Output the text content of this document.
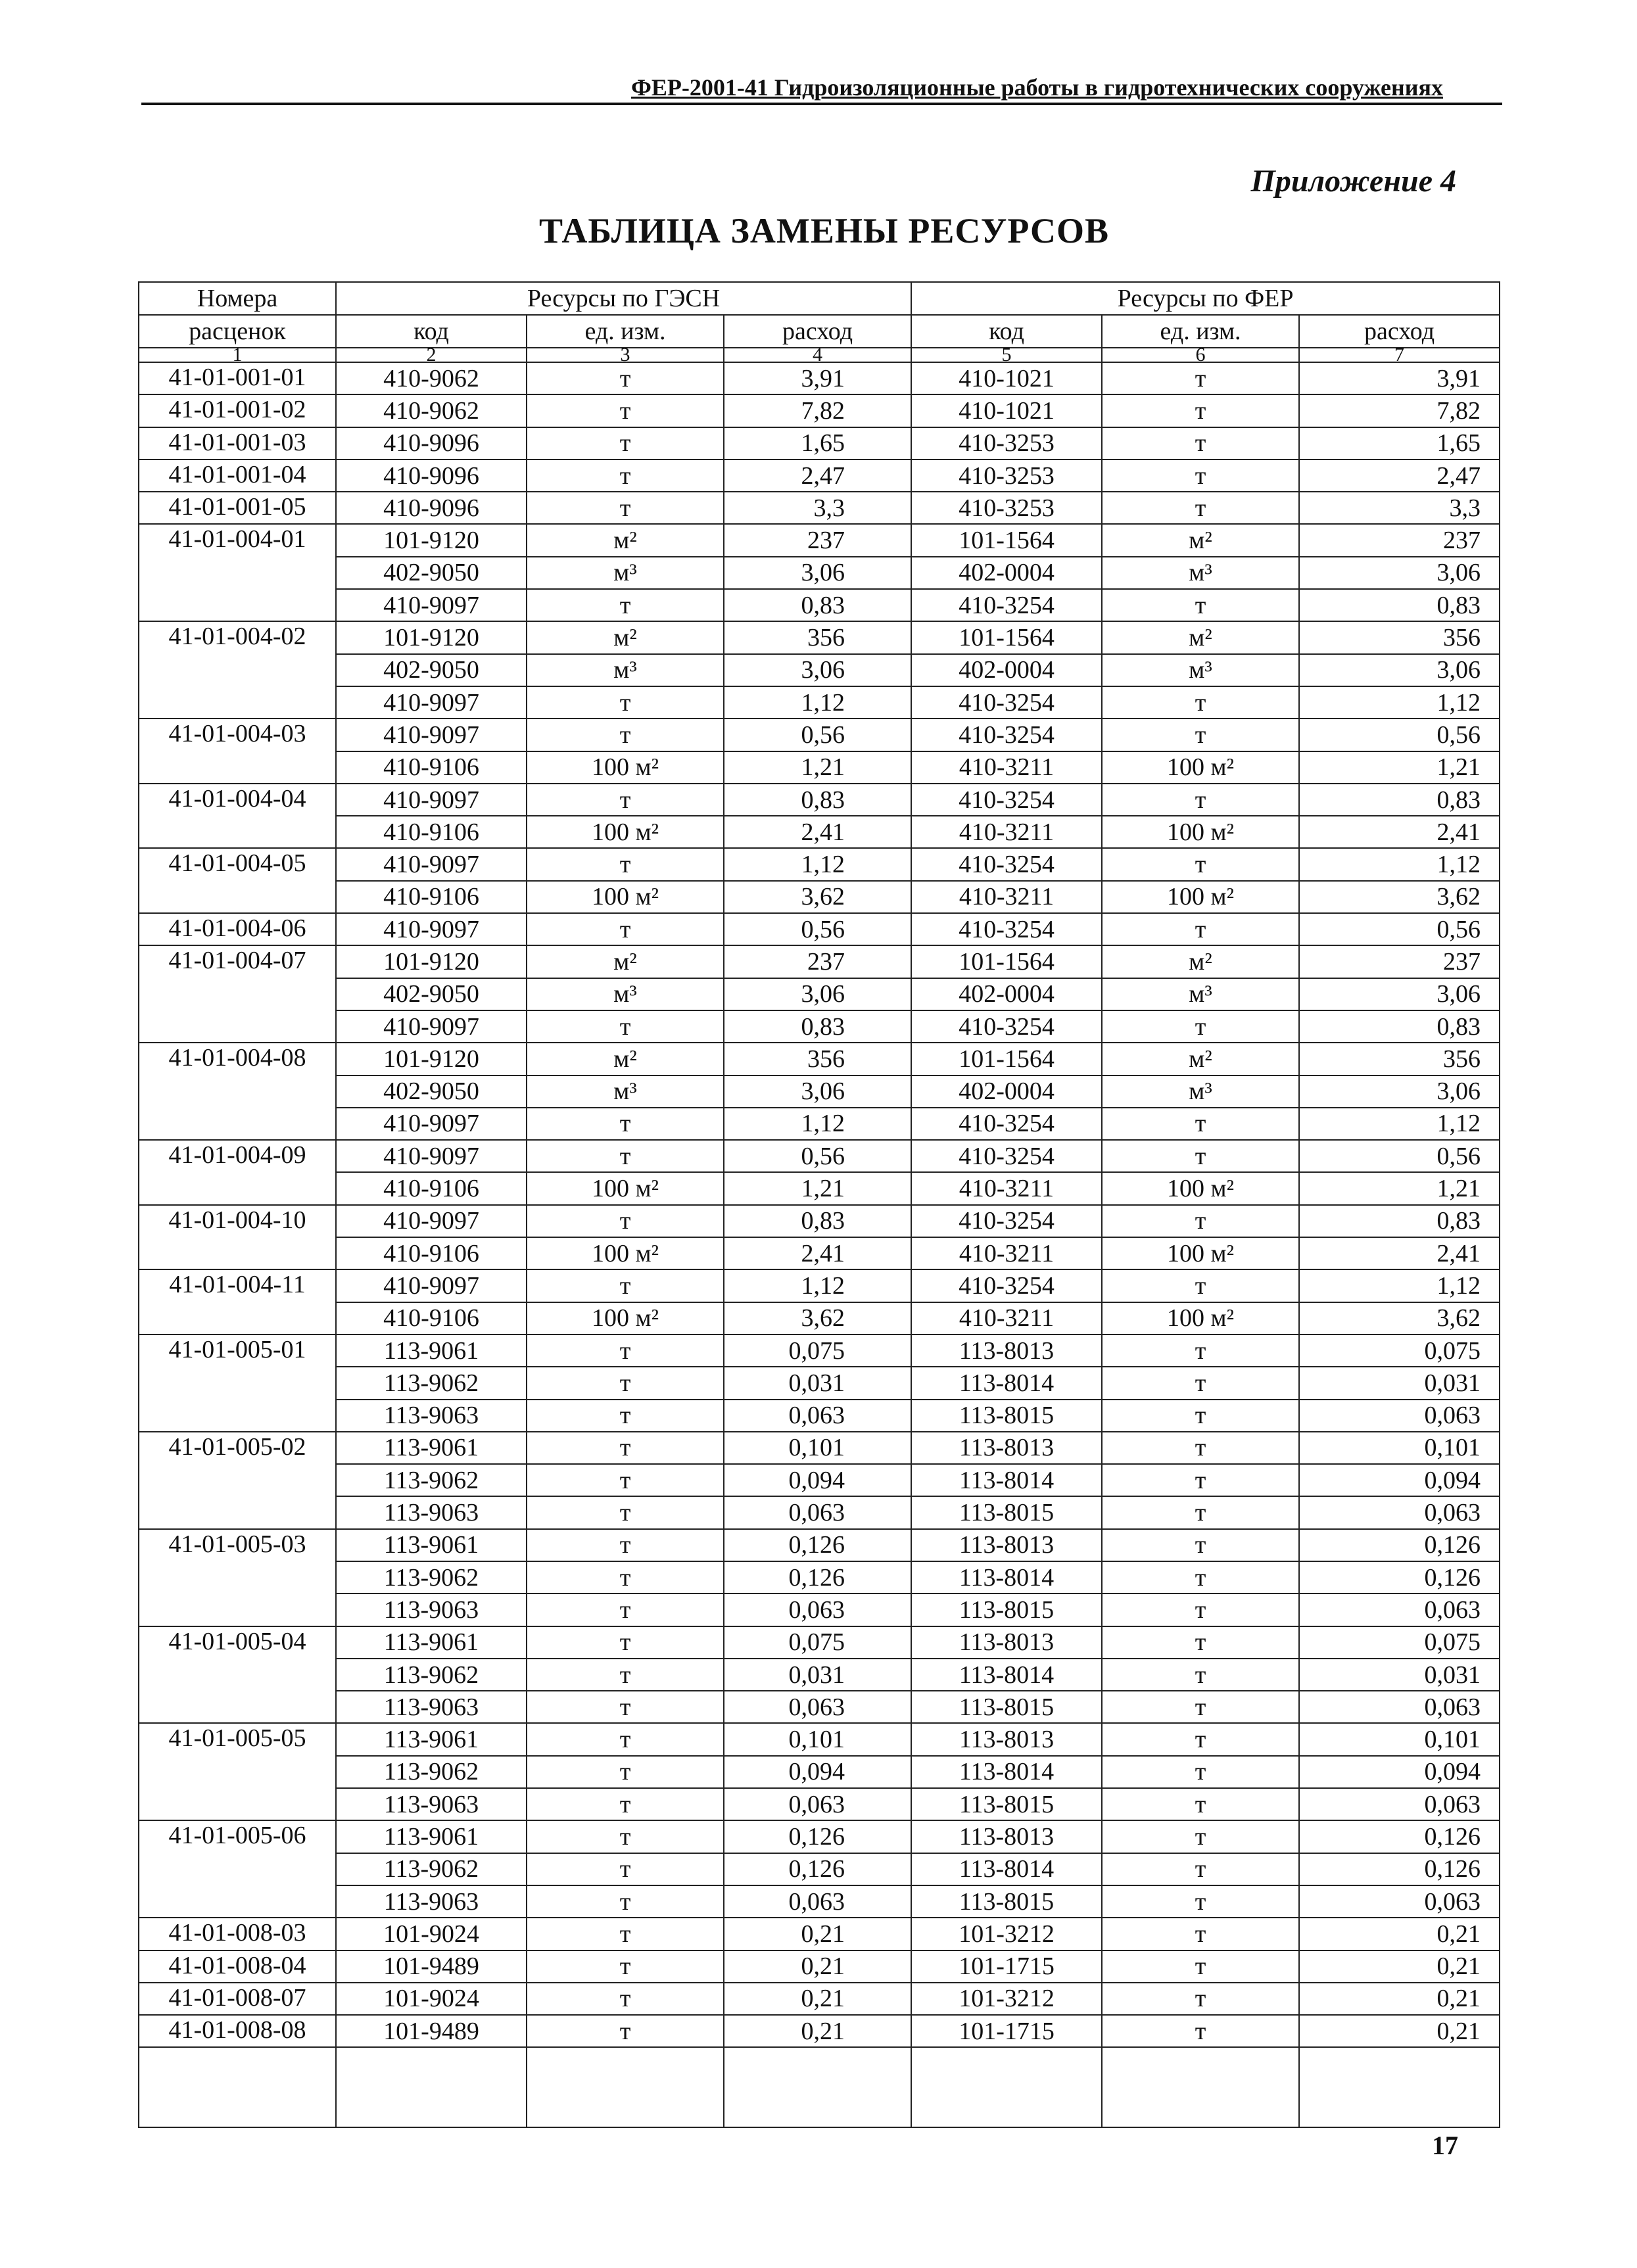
ФЕР-2001-41 Гидроизоляционные работы в гидротехнических сооружениях
Приложение 4
ТАБЛИЦА ЗАМЕНЫ РЕСУРСОВ
Номера	Ресурсы по ГЭСН			Ресурсы по ФЕР		
расценок	код	ед. изм.	расход	код	ед. изм.	расход
1	2	3	4	5	6	7
41-01-001-01	410-9062	т	3,91	410-1021	т	3,91
41-01-001-02	410-9062	т	7,82	410-1021	т	7,82
41-01-001-03	410-9096	т	1,65	410-3253	т	1,65
41-01-001-04	410-9096	т	2,47	410-3253	т	2,47
41-01-001-05	410-9096	т	3,3	410-3253	т	3,3
41-01-004-01	101-9120	м²	237	101-1564	м²	237
	402-9050	м³	3,06	402-0004	м³	3,06
	410-9097	т	0,83	410-3254	т	0,83
41-01-004-02	101-9120	м²	356	101-1564	м²	356
	402-9050	м³	3,06	402-0004	м³	3,06
	410-9097	т	1,12	410-3254	т	1,12
41-01-004-03	410-9097	т	0,56	410-3254	т	0,56
	410-9106	100 м²	1,21	410-3211	100 м²	1,21
41-01-004-04	410-9097	т	0,83	410-3254	т	0,83
	410-9106	100 м²	2,41	410-3211	100 м²	2,41
41-01-004-05	410-9097	т	1,12	410-3254	т	1,12
	410-9106	100 м²	3,62	410-3211	100 м²	3,62
41-01-004-06	410-9097	т	0,56	410-3254	т	0,56
41-01-004-07	101-9120	м²	237	101-1564	м²	237
	402-9050	м³	3,06	402-0004	м³	3,06
	410-9097	т	0,83	410-3254	т	0,83
41-01-004-08	101-9120	м²	356	101-1564	м²	356
	402-9050	м³	3,06	402-0004	м³	3,06
	410-9097	т	1,12	410-3254	т	1,12
41-01-004-09	410-9097	т	0,56	410-3254	т	0,56
	410-9106	100 м²	1,21	410-3211	100 м²	1,21
41-01-004-10	410-9097	т	0,83	410-3254	т	0,83
	410-9106	100 м²	2,41	410-3211	100 м²	2,41
41-01-004-11	410-9097	т	1,12	410-3254	т	1,12
	410-9106	100 м²	3,62	410-3211	100 м²	3,62
41-01-005-01	113-9061	т	0,075	113-8013	т	0,075
	113-9062	т	0,031	113-8014	т	0,031
	113-9063	т	0,063	113-8015	т	0,063
41-01-005-02	113-9061	т	0,101	113-8013	т	0,101
	113-9062	т	0,094	113-8014	т	0,094
	113-9063	т	0,063	113-8015	т	0,063
41-01-005-03	113-9061	т	0,126	113-8013	т	0,126
	113-9062	т	0,126	113-8014	т	0,126
	113-9063	т	0,063	113-8015	т	0,063
41-01-005-04	113-9061	т	0,075	113-8013	т	0,075
	113-9062	т	0,031	113-8014	т	0,031
	113-9063	т	0,063	113-8015	т	0,063
41-01-005-05	113-9061	т	0,101	113-8013	т	0,101
	113-9062	т	0,094	113-8014	т	0,094
	113-9063	т	0,063	113-8015	т	0,063
41-01-005-06	113-9061	т	0,126	113-8013	т	0,126
	113-9062	т	0,126	113-8014	т	0,126
	113-9063	т	0,063	113-8015	т	0,063
41-01-008-03	101-9024	т	0,21	101-3212	т	0,21
41-01-008-04	101-9489	т	0,21	101-1715	т	0,21
41-01-008-07	101-9024	т	0,21	101-3212	т	0,21
41-01-008-08	101-9489	т	0,21	101-1715	т	0,21

17
